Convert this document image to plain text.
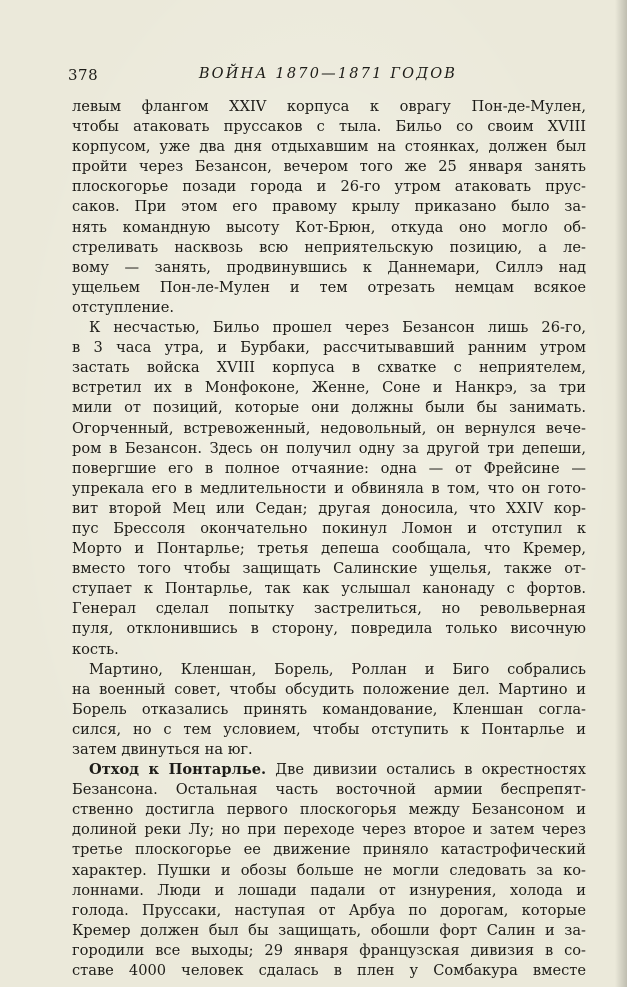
378	ВОЙНА 1870—1871 ГОДОВ
левым флангом XXIV корпуса к оврагу Пон-де-Мулен,
чтобы атаковать пруссаков с тыла. Бильо со своим XVIII
корпусом, уже два дня отдыхавшим на стоянках, должен был
пройти через Безансон, вечером того же 25 января занять
плоскогорье позади города и 26-го утром атаковать прус-
саков. При этом его правому крылу приказано было за-
нять командную высоту Кот-Брюн, откуда оно могло об-
стреливать насквозь всю неприятельскую позицию, а ле-
вому — занять, продвинувшись к Даннемари, Силлэ над
ущельем Пон-ле-Мулен и тем отрезать немцам всякое
отступление.
К несчастью, Бильо прошел через Безансон лишь 26-го,
в 3 часа утра, и Бурбаки, рассчитывавший ранним утром
застать войска XVIII корпуса в схватке с неприятелем,
встретил их в Монфоконе, Женне, Соне и Нанкрэ, за три
мили от позиций, которые они должны были бы занимать.
Огорченный, встревоженный, недовольный, он вернулся вече-
ром в Безансон. Здесь он получил одну за другой три депеши,
повергшие его в полное отчаяние: одна — от Фрейсине —
упрекала его в медлительности и обвиняла в том, что он гото-
вит второй Мец или Седан; другая доносила, что XXIV кор-
пус Брессоля окончательно покинул Ломон и отступил к
Морто и Понтарлье; третья депеша сообщала, что Кремер,
вместо того чтобы защищать Салинские ущелья, также от-
ступает к Понтарлье, так как услышал канонаду с фортов.
Генерал сделал попытку застрелиться, но револьверная
пуля, отклонившись в сторону, повредила только височную
кость.
Мартино, Кленшан, Борель, Роллан и Биго собрались
на военный совет, чтобы обсудить положение дел. Мартино и
Борель отказались принять командование, Кленшан согла-
сился, но с тем условием, чтобы отступить к Понтарлье и
затем двинуться на юг.
Отход к Понтарлье. Две дивизии остались в окрестностях
Безансона. Остальная часть восточной армии беспрепят-
ственно достигла первого плоскогорья между Безансоном и
долиной реки Лу; но при переходе через второе и затем через
третье плоскогорье ее движение приняло катастрофический
характер. Пушки и обозы больше не могли следовать за ко-
лоннами. Люди и лошади падали от изнурения, холода и
голода. Пруссаки, наступая от Арбуа по дорогам, которые
Кремер должен был бы защищать, обошли форт Салин и за-
городили все выходы; 29 января французская дивизия в со-
ставе 4000 человек сдалась в плен у Сомбакура вместе
